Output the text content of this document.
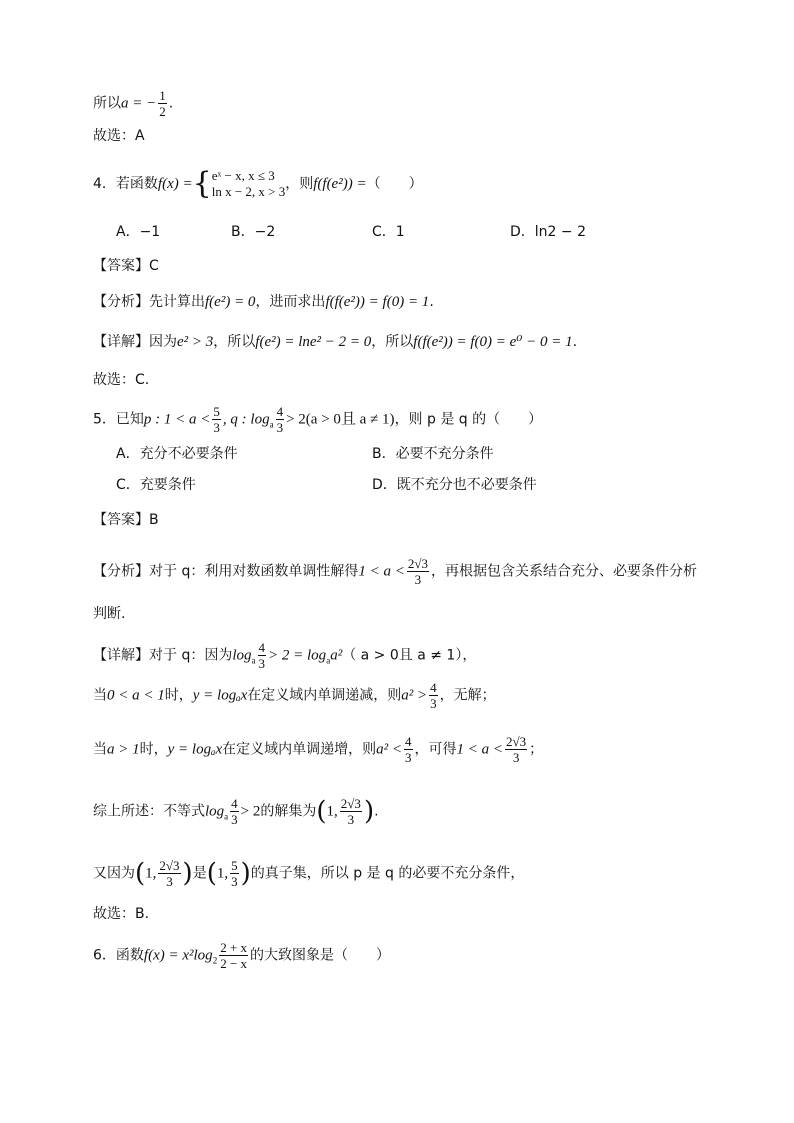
所以a = − $\frac{1}{2}$ .
故选：A
4．若函数f(x) ={ eˣ − x, x ≤ 3
ln x − 2, x > 3 ，则f(f(e²)) =（　　）
A．−1	B．−2	C．1	D．ln2 − 2
【答案】C
【分析】先计算出f(e²) = 0，进而求出f(f(e²)) = f(0) = 1.
【详解】因为e² > 3，所以f(e²) = lne² − 2 = 0，所以f(f(e²)) = f(0) = e⁰ − 0 = 1.
故选：C.
5．已知p : $1 < a < \frac{5}{3}$ , q : $\log_a \frac{4}{3} > 2(a > 0$且 a ≠ 1)，则 p 是 q 的（　　）
A．充分不必要条件	B．必要不充分条件
C．充要条件	D．既不充分也不必要条件
【答案】B
【分析】对于 q：利用对数函数单调性解得$1 < a < \frac{2√3}{3}$ ，再根据包含关系结合充分、必要条件分析
判断.
【详解】对于 q：因为$\log_a \frac{4}{3} > 2 = \log_aa^2$（ a > 0且 a ≠ 1），
当0 < a < 1时，y = logₐx在定义域内单调递减，则$a^2 > \frac{4}{3}$ ，无解；
当a > 1时，y = logₐx在定义域内单调递增，则$a^2 < \frac{4}{3}$ ，可得$1 < a < \frac{2√3}{3}$ ；
综上所述：不等式$\log_a \frac{4}{3} > 2$的解集为(1, $\frac{2√3}{3}$ ).
又因为(1, $\frac{2√3}{3}$ )是(1, $\frac{5}{3}$ )的真子集，所以 p 是 q 的必要不充分条件，
故选：B.
6．函数$f(x) = x^2\log_2 \frac{2 + x}{2 - x}$ 的大致图象是（　　）
